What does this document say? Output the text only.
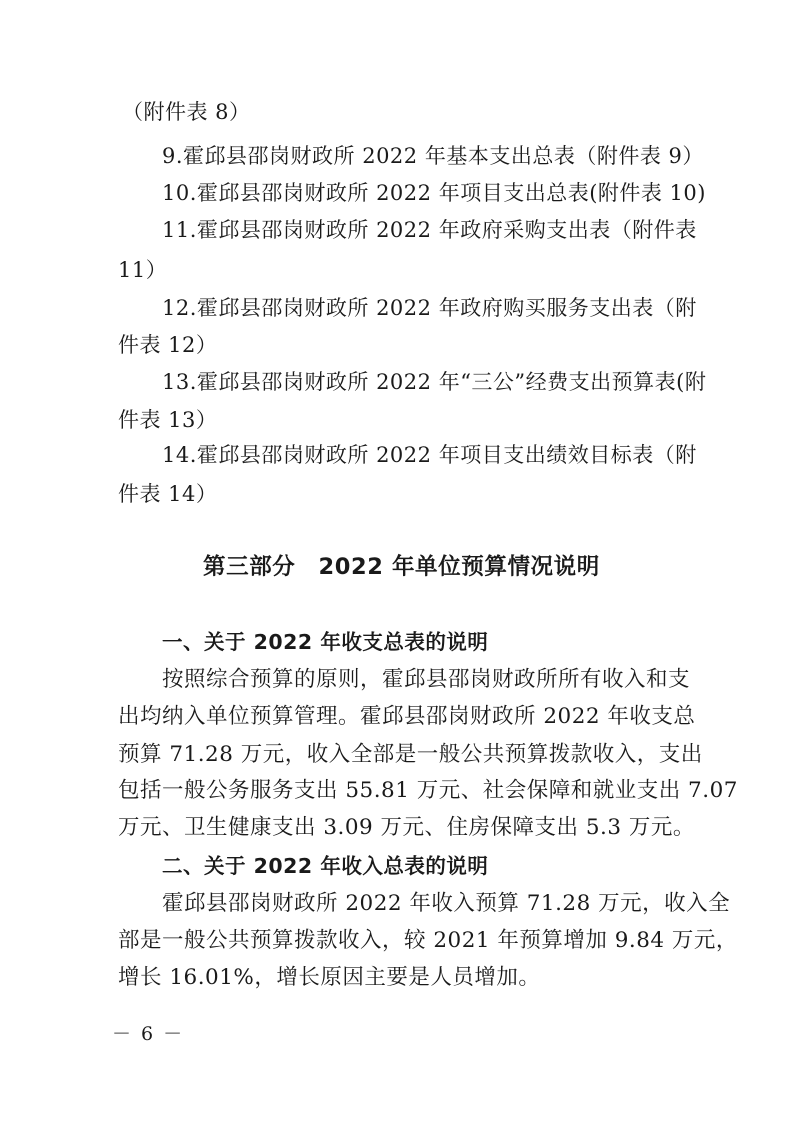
（附件表 8）
9.霍邱县邵岗财政所 2022 年基本支出总表（附件表 9）
10.霍邱县邵岗财政所 2022 年项目支出总表(附件表 10)
11.霍邱县邵岗财政所 2022 年政府采购支出表（附件表
11）
12.霍邱县邵岗财政所 2022 年政府购买服务支出表（附
件表 12）
13.霍邱县邵岗财政所 2022 年“三公”经费支出预算表(附
件表 13）
14.霍邱县邵岗财政所 2022 年项目支出绩效目标表（附
件表 14）
第三部分　2022 年单位预算情况说明
一、关于 2022 年收支总表的说明
按照综合预算的原则，霍邱县邵岗财政所所有收入和支
出均纳入单位预算管理。霍邱县邵岗财政所 2022 年收支总
预算 71.28 万元，收入全部是一般公共预算拨款收入，支出
包括一般公务服务支出 55.81 万元、社会保障和就业支出 7.07
万元、卫生健康支出 3.09 万元、住房保障支出 5.3 万元。
二、关于 2022 年收入总表的说明
霍邱县邵岗财政所 2022 年收入预算 71.28 万元，收入全
部是一般公共预算拨款收入，较 2021 年预算增加 9.84 万元，
增长 16.01%，增长原因主要是人员增加。
－ 6 －
